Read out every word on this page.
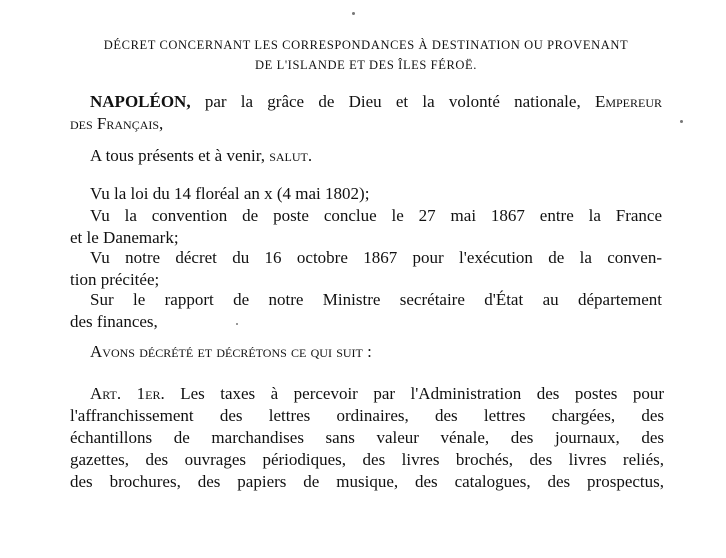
DÉCRET CONCERNANT LES CORRESPONDANCES À DESTINATION OU PROVENANT
DE L'ISLANDE ET DES ÎLES FÉROË.
NAPOLÉON, par la grâce de Dieu et la volonté nationale, Empereur
des Français,
A tous présents et à venir, salut.
Vu la loi du 14 floréal an x (4 mai 1802);
Vu la convention de poste conclue le 27 mai 1867 entre la France
et le Danemark;
Vu notre décret du 16 octobre 1867 pour l'exécution de la conven-
tion précitée;
Sur le rapport de notre Ministre secrétaire d'État au département
des finances,
Avons décrété et décrétons ce qui suit :
Art. 1er. Les taxes à percevoir par l'Administration des postes pour
l'affranchissement des lettres ordinaires, des lettres chargées, des
échantillons de marchandises sans valeur vénale, des journaux, des
gazettes, des ouvrages périodiques, des livres brochés, des livres reliés,
des brochures, des papiers de musique, des catalogues, des prospectus,
